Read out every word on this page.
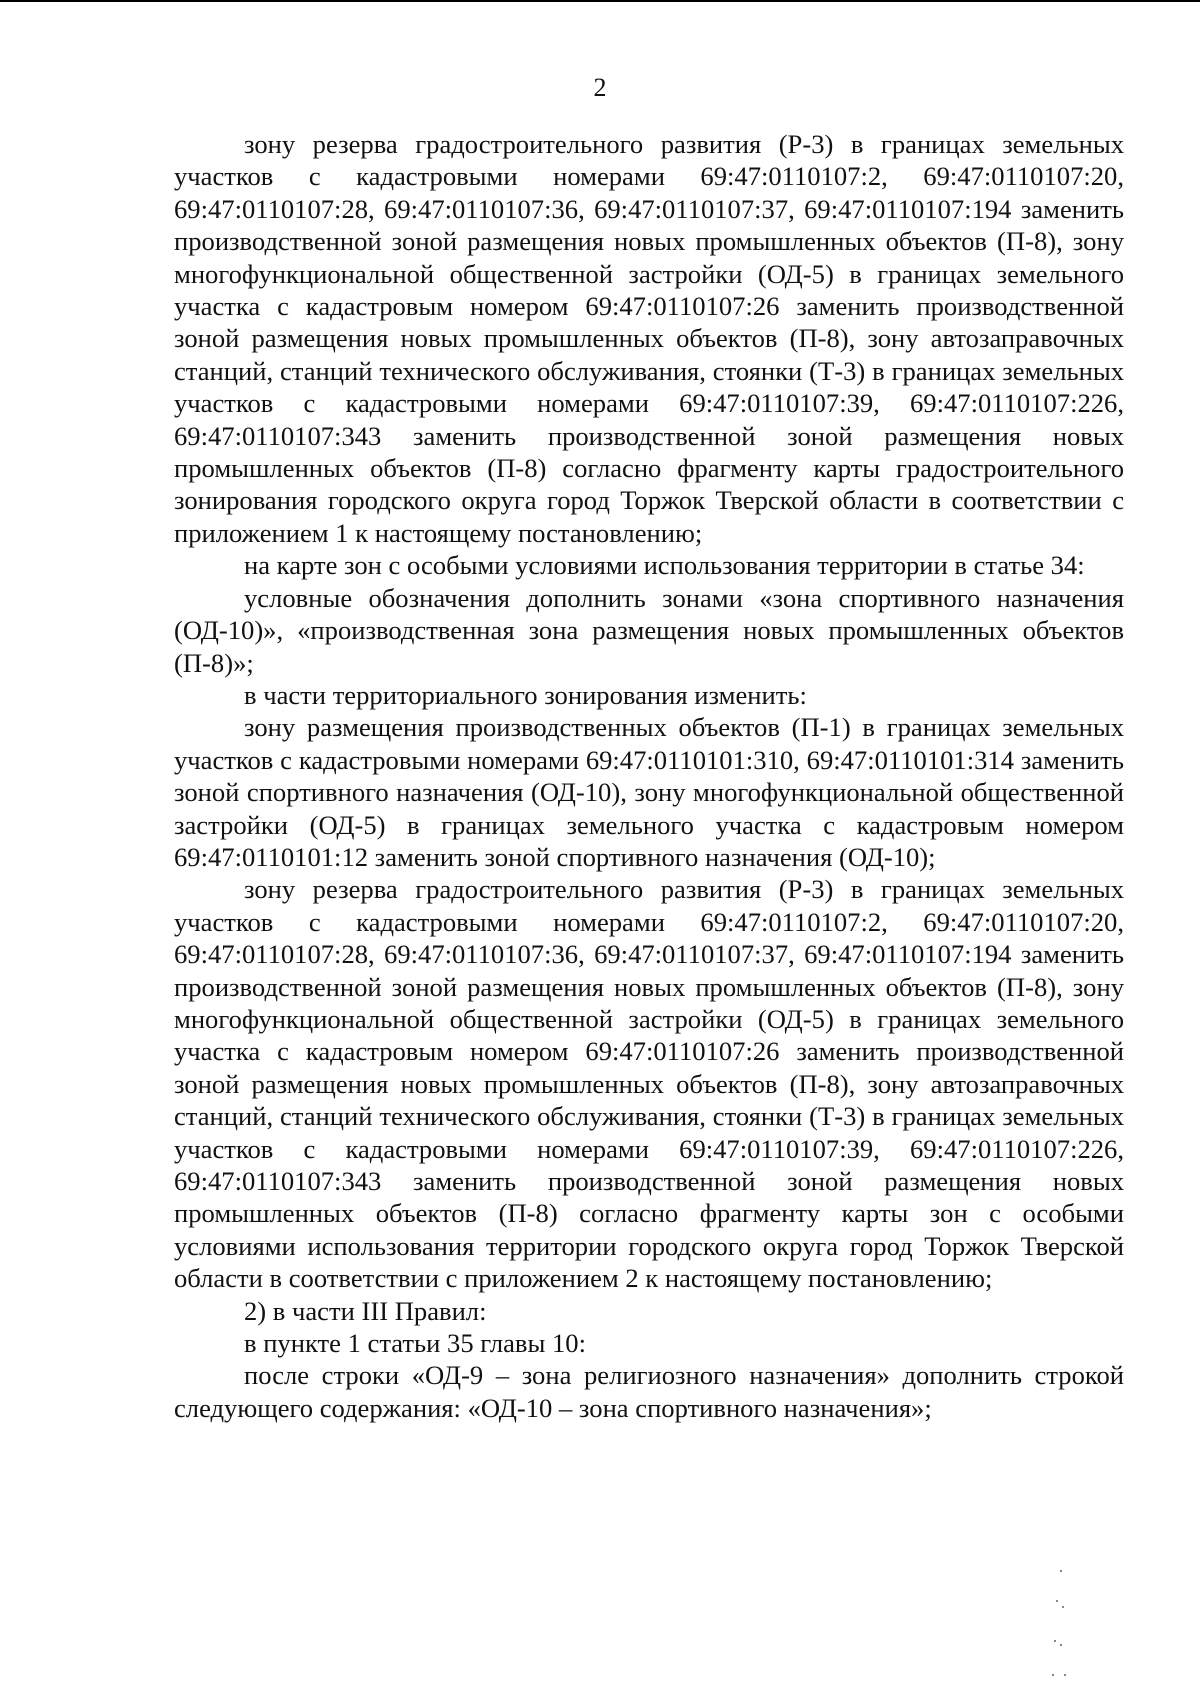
2

зону резерва градостроительного развития (Р-3) в границах земельных участков с кадастровыми номерами 69:47:0110107:2, 69:47:0110107:20, 69:47:0110107:28, 69:47:0110107:36, 69:47:0110107:37, 69:47:0110107:194 заменить производственной зоной размещения новых промышленных объектов (П-8), зону многофункциональной общественной застройки (ОД-5) в границах земельного участка с кадастровым номером 69:47:0110107:26 заменить производственной зоной размещения новых промышленных объектов (П-8), зону автозаправочных станций, станций технического обслуживания, стоянки (Т-3) в границах земельных участков с кадастровыми номерами 69:47:0110107:39, 69:47:0110107:226, 69:47:0110107:343 заменить производственной зоной размещения новых промышленных объектов (П-8) согласно фрагменту карты градостроительного зонирования городского округа город Торжок Тверской области в соответствии с приложением 1 к настоящему постановлению;

на карте зон с особыми условиями использования территории в статье 34:

условные обозначения дополнить зонами «зона спортивного назначения (ОД-10)», «производственная зона размещения новых промышленных объектов (П-8)»;

в части территориального зонирования изменить:

зону размещения производственных объектов (П-1) в границах земельных участков с кадастровыми номерами 69:47:0110101:310, 69:47:0110101:314 заменить зоной спортивного назначения (ОД-10), зону многофункциональной общественной застройки (ОД-5) в границах земельного участка с кадастровым номером 69:47:0110101:12 заменить зоной спортивного назначения (ОД-10);

зону резерва градостроительного развития (Р-3) в границах земельных участков с кадастровыми номерами 69:47:0110107:2, 69:47:0110107:20, 69:47:0110107:28, 69:47:0110107:36, 69:47:0110107:37, 69:47:0110107:194 заменить производственной зоной размещения новых промышленных объектов (П-8), зону многофункциональной общественной застройки (ОД-5) в границах земельного участка с кадастровым номером 69:47:0110107:26 заменить производственной зоной размещения новых промышленных объектов (П-8), зону автозаправочных станций, станций технического обслуживания, стоянки (Т-3) в границах земельных участков с кадастровыми номерами 69:47:0110107:39, 69:47:0110107:226, 69:47:0110107:343 заменить производственной зоной размещения новых промышленных объектов (П-8) согласно фрагменту карты зон с особыми условиями использования территории городского округа город Торжок Тверской области в соответствии с приложением 2 к настоящему постановлению;

2) в части III Правил:

в пункте 1 статьи 35 главы 10:

после строки «ОД-9 – зона религиозного назначения» дополнить строкой следующего содержания: «ОД-10 – зона спортивного назначения»;
